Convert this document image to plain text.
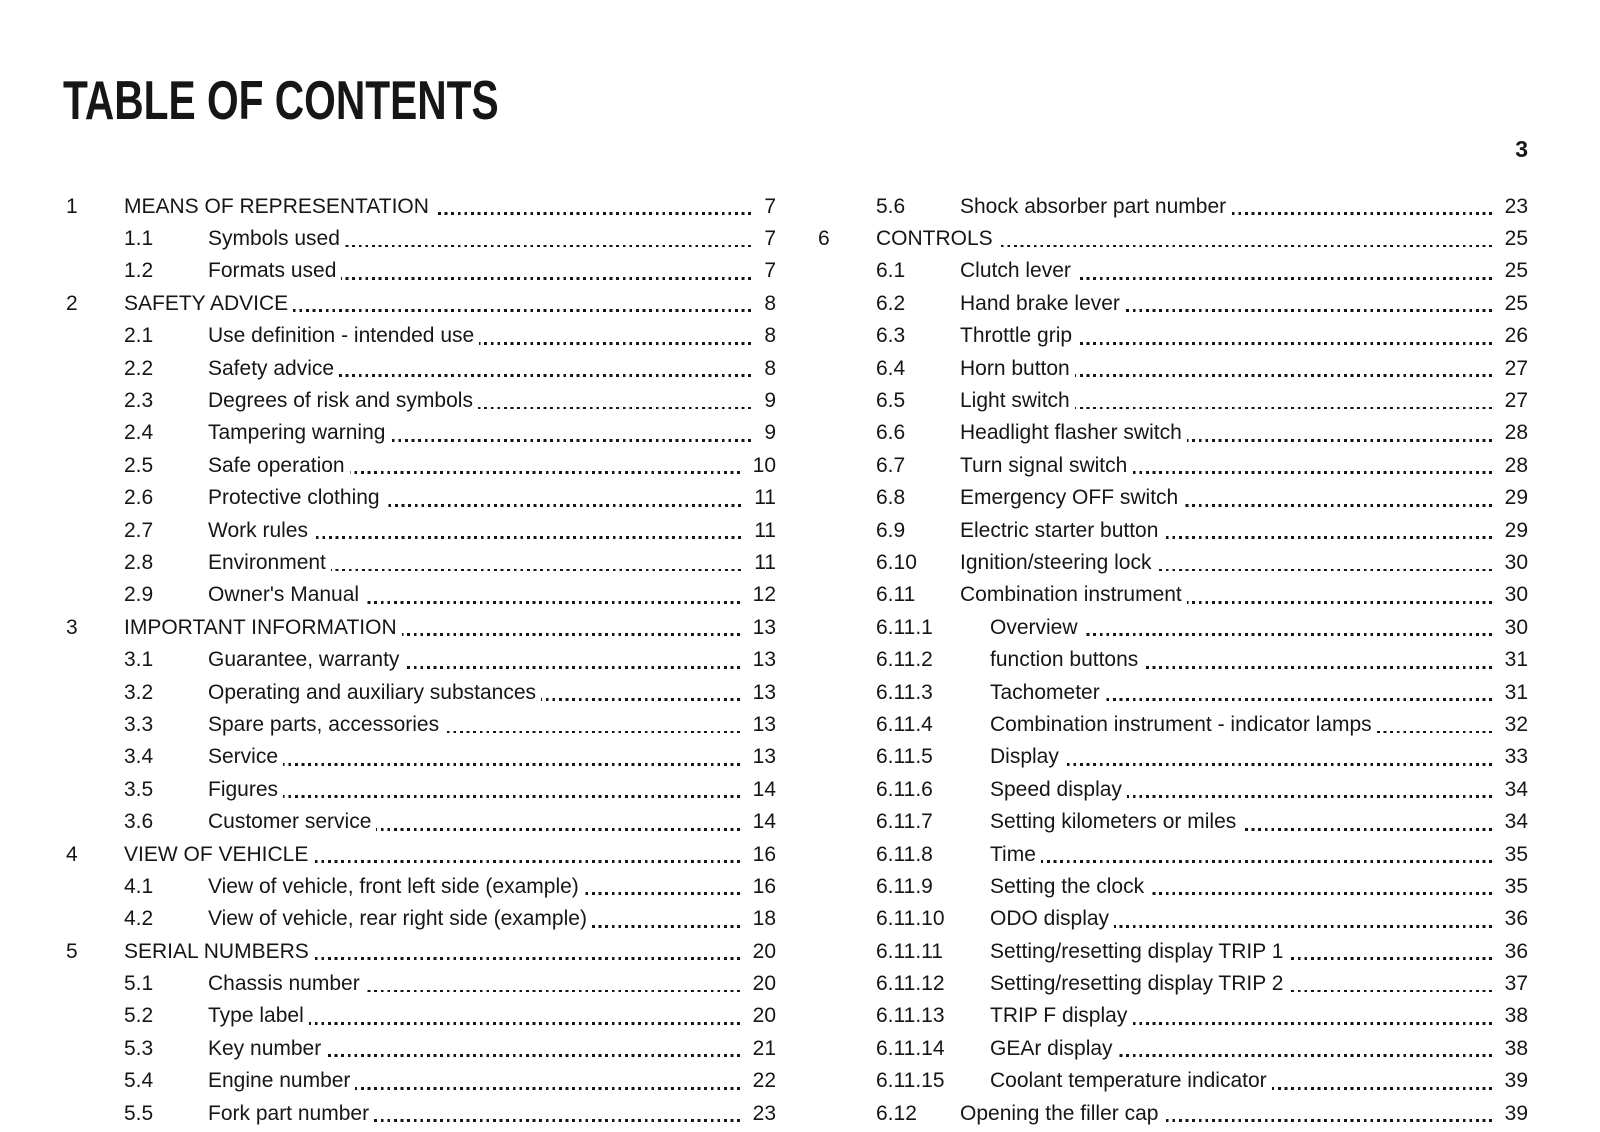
TABLE OF CONTENTS
3
1	MEANS OF REPRESENTATION	7
1.1	Symbols used	7
1.2	Formats used	7
2	SAFETY ADVICE	8
2.1	Use definition - intended use	8
2.2	Safety advice	8
2.3	Degrees of risk and symbols	9
2.4	Tampering warning	9
2.5	Safe operation	10
2.6	Protective clothing	11
2.7	Work rules	11
2.8	Environment	11
2.9	Owner's Manual	12
3	IMPORTANT INFORMATION	13
3.1	Guarantee, warranty	13
3.2	Operating and auxiliary substances	13
3.3	Spare parts, accessories	13
3.4	Service	13
3.5	Figures	14
3.6	Customer service	14
4	VIEW OF VEHICLE	16
4.1	View of vehicle, front left side (example)	16
4.2	View of vehicle, rear right side (example)	18
5	SERIAL NUMBERS	20
5.1	Chassis number	20
5.2	Type label	20
5.3	Key number	21
5.4	Engine number	22
5.5	Fork part number	23
5.6	Shock absorber part number	23
6	CONTROLS	25
6.1	Clutch lever	25
6.2	Hand brake lever	25
6.3	Throttle grip	26
6.4	Horn button	27
6.5	Light switch	27
6.6	Headlight flasher switch	28
6.7	Turn signal switch	28
6.8	Emergency OFF switch	29
6.9	Electric starter button	29
6.10	Ignition/steering lock	30
6.11	Combination instrument	30
6.11.1	Overview	30
6.11.2	function buttons	31
6.11.3	Tachometer	31
6.11.4	Combination instrument - indicator lamps	32
6.11.5	Display	33
6.11.6	Speed display	34
6.11.7	Setting kilometers or miles	34
6.11.8	Time	35
6.11.9	Setting the clock	35
6.11.10	ODO display	36
6.11.11	Setting/resetting display TRIP 1	36
6.11.12	Setting/resetting display TRIP 2	37
6.11.13	TRIP F display	38
6.11.14	GEAr display	38
6.11.15	Coolant temperature indicator	39
6.12	Opening the filler cap	39
